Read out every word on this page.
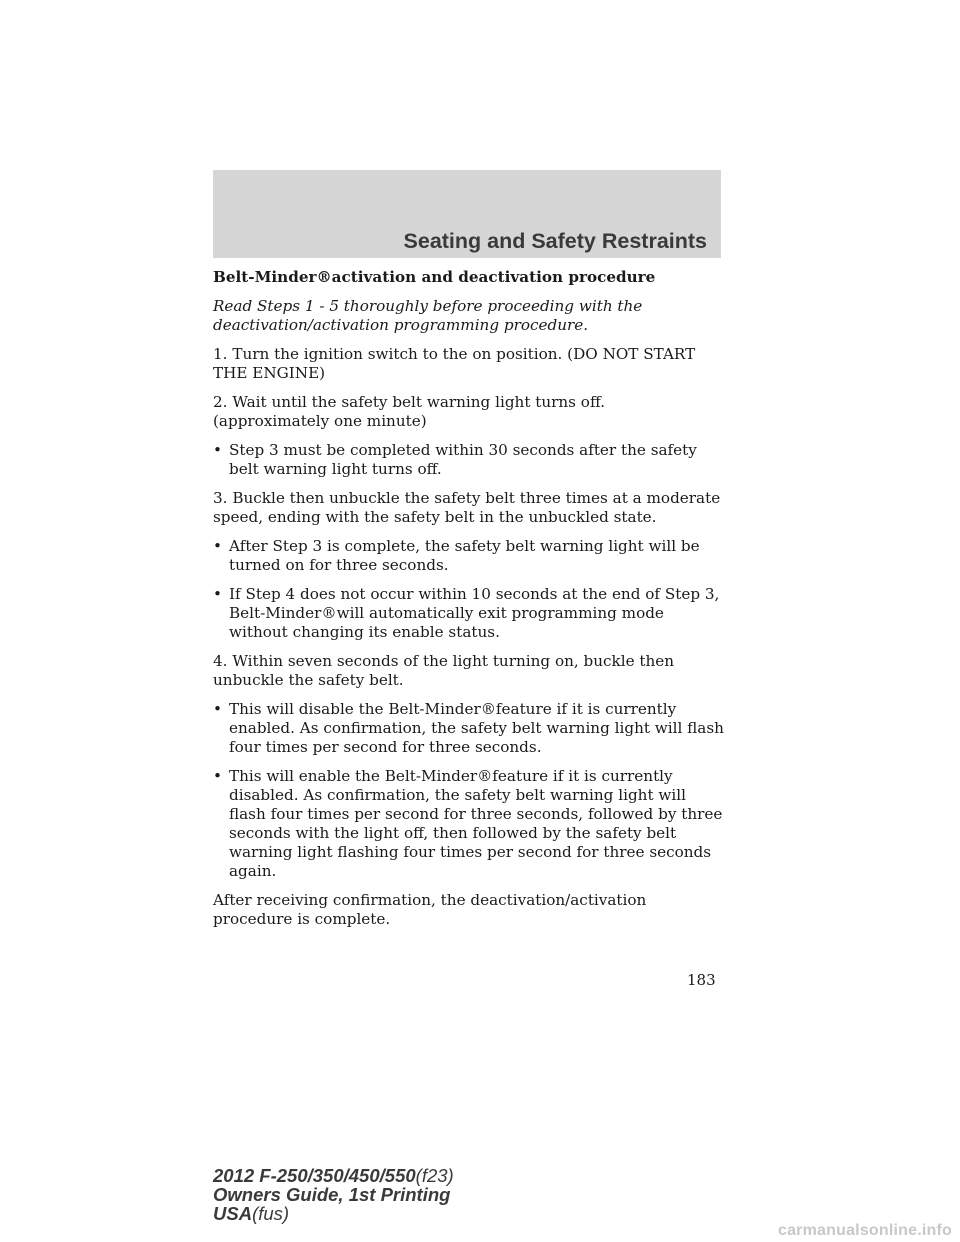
Seating and Safety Restraints

Belt-Minder®activation and deactivation procedure

Read Steps 1 - 5 thoroughly before proceeding with the deactivation/activation programming procedure.

1. Turn the ignition switch to the on position. (DO NOT START THE ENGINE)

2. Wait until the safety belt warning light turns off. (approximately one minute)

• Step 3 must be completed within 30 seconds after the safety belt warning light turns off.

3. Buckle then unbuckle the safety belt three times at a moderate speed, ending with the safety belt in the unbuckled state.

• After Step 3 is complete, the safety belt warning light will be turned on for three seconds.
• If Step 4 does not occur within 10 seconds at the end of Step 3, Belt-Minder®will automatically exit programming mode without changing its enable status.

4. Within seven seconds of the light turning on, buckle then unbuckle the safety belt.

• This will disable the Belt-Minder®feature if it is currently enabled. As confirmation, the safety belt warning light will flash four times per second for three seconds.
• This will enable the Belt-Minder®feature if it is currently disabled. As confirmation, the safety belt warning light will flash four times per second for three seconds, followed by three seconds with the light off, then followed by the safety belt warning light flashing four times per second for three seconds again.

After receiving confirmation, the deactivation/activation procedure is complete.

183
2012 F-250/350/450/550(f23)
Owners Guide, 1st Printing
USA(fus)
carmanualsonline.info
